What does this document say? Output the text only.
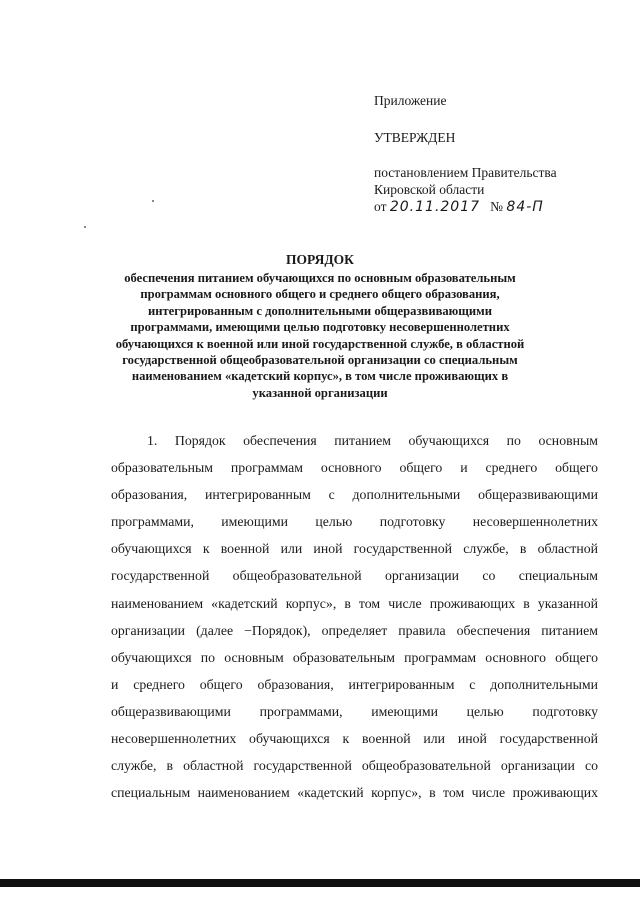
Приложение
УТВЕРЖДЕН
постановлением Правительства
Кировской области
от 20.11.2017 № 84-П
ПОРЯДОК
обеспечения питанием обучающихся по основным образовательным
программам основного общего и среднего общего образования,
интегрированным с дополнительными общеразвивающими
программами, имеющими целью подготовку несовершеннолетних
обучающихся к военной или иной государственной службе, в областной
государственной общеобразовательной организации со специальным
наименованием «кадетский корпус», в том числе проживающих в
указанной организации
1. Порядок обеспечения питанием обучающихся по основным
образовательным программам основного общего и среднего общего
образования, интегрированным с дополнительными общеразвивающими
программами, имеющими целью подготовку несовершеннолетних
обучающихся к военной или иной государственной службе, в областной
государственной общеобразовательной организации со специальным
наименованием «кадетский корпус», в том числе проживающих в указанной
организации (далее −Порядок), определяет правила обеспечения питанием
обучающихся по основным образовательным программам основного общего
и среднего общего образования, интегрированным с дополнительными
общеразвивающими программами, имеющими целью подготовку
несовершеннолетних обучающихся к военной или иной государственной
службе, в областной государственной общеобразовательной организации со
специальным наименованием «кадетский корпус», в том числе проживающих
